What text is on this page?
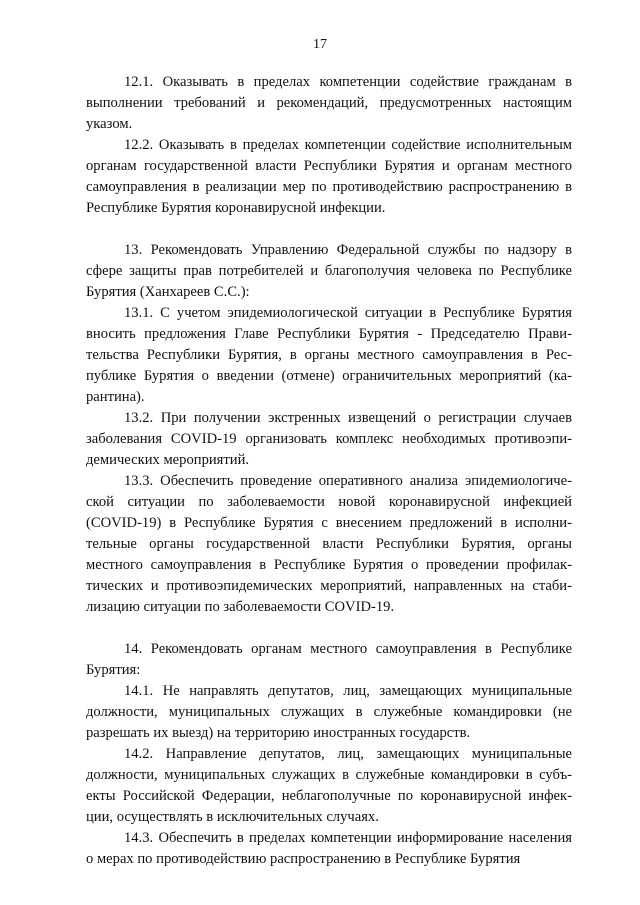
17

12.1. Оказывать в пределах компетенции содействие гражданам в выполнении требований и рекомендаций, предусмотренных настоящим указом.

12.2. Оказывать в пределах компетенции содействие исполнительным органам государственной власти Республики Бурятия и органам местного самоуправления в реализации мер по противодействию распространению в Республике Бурятия коронавирусной инфекции.

13. Рекомендовать Управлению Федеральной службы по надзору в сфере защиты прав потребителей и благополучия человека по Республике Бурятия (Ханхареев С.С.):

13.1. С учетом эпидемиологической ситуации в Республике Бурятия вносить предложения Главе Республики Бурятия - Председателю Правительства Республики Бурятия, в органы местного самоуправления в Республике Бурятия о введении (отмене) ограничительных мероприятий (карантина).

13.2. При получении экстренных извещений о регистрации случаев заболевания COVID-19 организовать комплекс необходимых противоэпидемических мероприятий.

13.3. Обеспечить проведение оперативного анализа эпидемиологической ситуации по заболеваемости новой коронавирусной инфекцией (COVID-19) в Республике Бурятия с внесением предложений в исполнительные органы государственной власти Республики Бурятия, органы местного самоуправления в Республике Бурятия о проведении профилактических и противоэпидемических мероприятий, направленных на стабилизацию ситуации по заболеваемости COVID-19.

14. Рекомендовать органам местного самоуправления в Республике Бурятия:

14.1. Не направлять депутатов, лиц, замещающих муниципальные должности, муниципальных служащих в служебные командировки (не разрешать их выезд) на территорию иностранных государств.

14.2. Направление депутатов, лиц, замещающих муниципальные должности, муниципальных служащих в служебные командировки в субъекты Российской Федерации, неблагополучные по коронавирусной инфекции, осуществлять в исключительных случаях.

14.3. Обеспечить в пределах компетенции информирование населения о мерах по противодействию распространению в Республике Бурятия
